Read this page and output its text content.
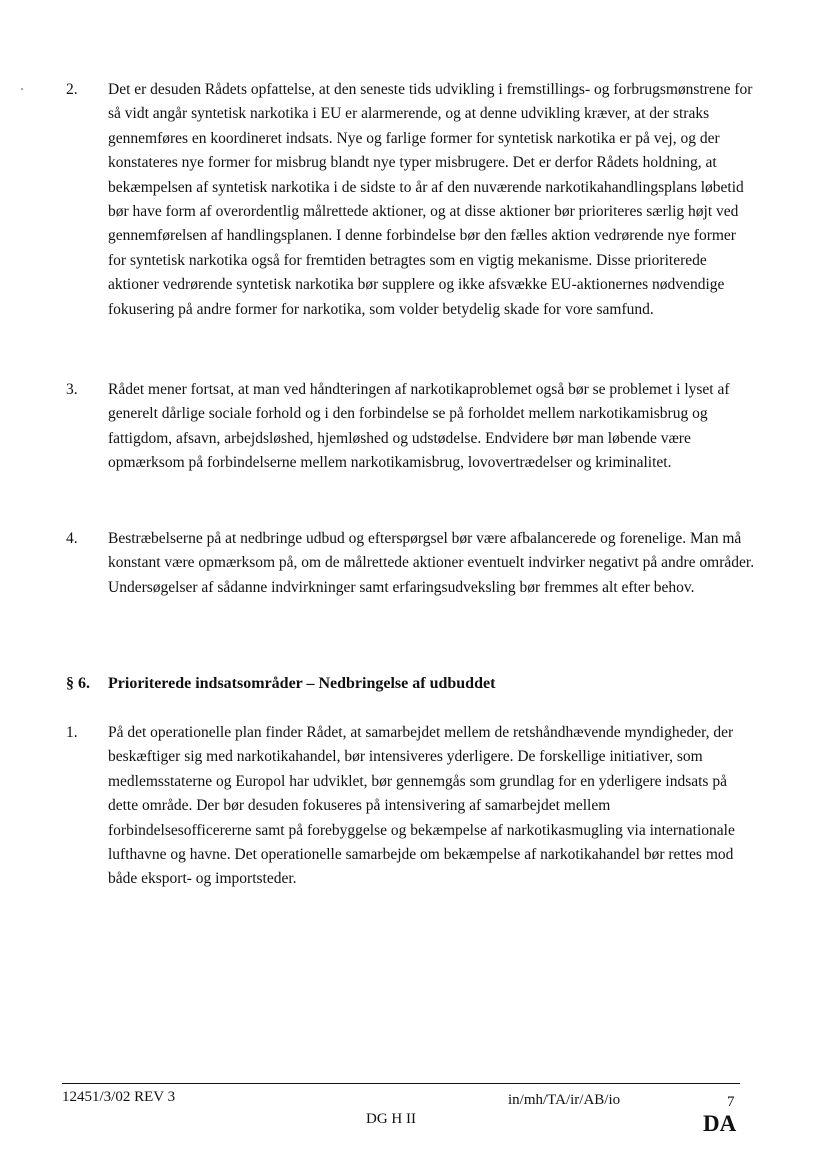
2. Det er desuden Rådets opfattelse, at den seneste tids udvikling i fremstillings- og forbrugsmønstrene for så vidt angår syntetisk narkotika i EU er alarmerende, og at denne udvikling kræver, at der straks gennemføres en koordineret indsats. Nye og farlige former for syntetisk narkotika er på vej, og der konstateres nye former for misbrug blandt nye typer misbrugere. Det er derfor Rådets holdning, at bekæmpelsen af syntetisk narkotika i de sidste to år af den nuværende narkotikahandlingsplans løbetid bør have form af overordentlig målrettede aktioner, og at disse aktioner bør prioriteres særlig højt ved gennemførelsen af handlingsplanen. I denne forbindelse bør den fælles aktion vedrørende nye former for syntetisk narkotika også for fremtiden betragtes som en vigtig mekanisme. Disse prioriterede aktioner vedrørende syntetisk narkotika bør supplere og ikke afsvække EU-aktionernes nødvendige fokusering på andre former for narkotika, som volder betydelig skade for vore samfund.
3. Rådet mener fortsat, at man ved håndteringen af narkotikaproblemet også bør se problemet i lyset af generelt dårlige sociale forhold og i den forbindelse se på forholdet mellem narkotikamisbrug og fattigdom, afsavn, arbejdsløshed, hjemløshed og udstødelse. Endvidere bør man løbende være opmærksom på forbindelserne mellem narkotikamisbrug, lovovertrædelser og kriminalitet.
4. Bestræbelserne på at nedbringe udbud og efterspørgsel bør være afbalancerede og forenelige. Man må konstant være opmærksom på, om de målrettede aktioner eventuelt indvirker negativt på andre områder. Undersøgelser af sådanne indvirkninger samt erfaringsudveksling bør fremmes alt efter behov.
§ 6. Prioriterede indsatsområder – Nedbringelse af udbuddet
1. På det operationelle plan finder Rådet, at samarbejdet mellem de retshåndhævende myndigheder, der beskæftiger sig med narkotikahandel, bør intensiveres yderligere. De forskellige initiativer, som medlemsstaterne og Europol har udviklet, bør gennemgås som grundlag for en yderligere indsats på dette område. Der bør desuden fokuseres på intensivering af samarbejdet mellem forbindelsesofficererne samt på forebyggelse og bekæmpelse af narkotikasmugling via internationale lufthavne og havne. Det operationelle samarbejde om bekæmpelse af narkotikahandel bør rettes mod både eksport- og importsteder.
12451/3/02 REV 3
DG H II
in/mh/TA/ir/AB/io	7
DA
